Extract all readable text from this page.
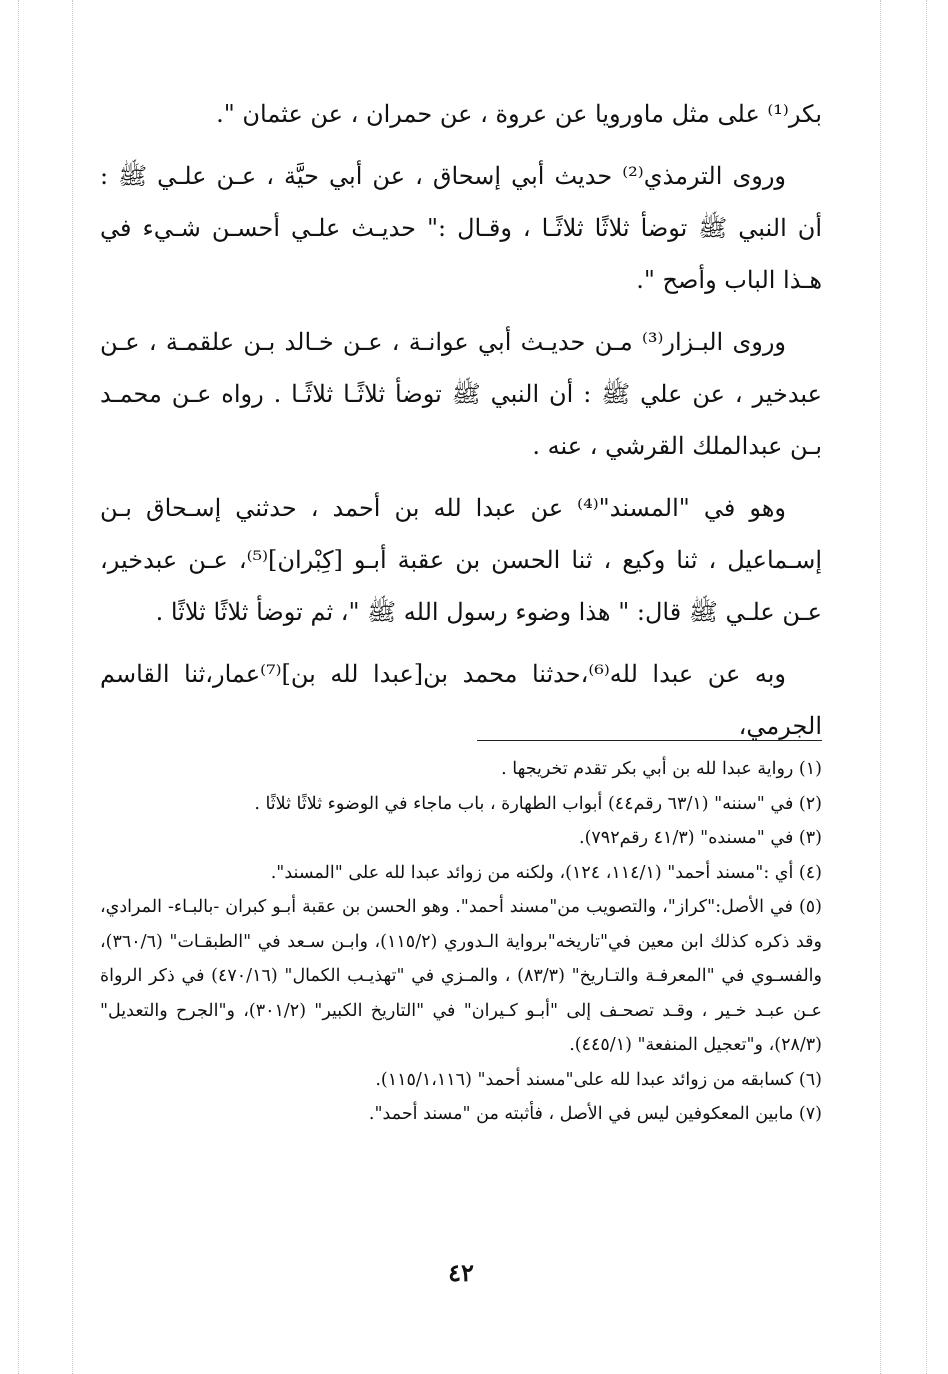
بكر⁽¹⁾ على مثل ماورويا عن عروة ، عن حمران ، عن عثمان ".

وروى الترمذي⁽²⁾ حديث أبي إسحاق ، عن أبي حيَّة ، عـن علـي ﷺ : أن النبي ﷺ توضأ ثلاثًا ثلاثًـا ، وقـال :" حديـث علـي أحسـن شـيء في هـذا الباب وأصح ".

وروى البـزار⁽³⁾ مـن حديـث أبي عوانـة ، عـن خـالد بـن علقمـة ، عـن عبدخير ، عن علي ﷺ : أن النبي ﷺ توضأ ثلاثًـا ثلاثًـا . رواه عـن محمـد بـن عبدالملك القرشي ، عنه .

وهو في "المسند"⁽⁴⁾ عن عبدا لله بن أحمد ، حدثني إسـحاق بـن إسـماعيل ، ثنا وكيع ، ثنا الحسن بن عقبة أبـو [كِبْران]⁽⁵⁾، عـن عبدخير، عـن علـي ﷺ قال: " هذا وضوء رسول الله ﷺ "، ثم توضأ ثلاثًا ثلاثًا .

وبه عن عبدا لله⁽⁶⁾،حدثنا محمد بن[عبدا لله بن]⁽⁷⁾عمار،ثنا القاسم الجرمي،

(١) رواية عبدا لله بن أبي بكر تقدم تخريجها .

(٢) في "سننه" (٦٣/١ رقم٤٤) أبواب الطهارة ، باب ماجاء في الوضوء ثلاثًا ثلاثًا .

(٣) في "مسنده" (٤١/٣ رقم٧٩٢).

(٤) أي :"مسند أحمد" (١١٤/١، ١٢٤)، ولكنه من زوائد عبدا لله على "المسند".

(٥) في الأصل:"كراز"، والتصويب من"مسند أحمد". وهو الحسن بن عقبة أبـو كبران -بالبـاء- المرادي، وقد ذكره كذلك ابن معين في"تاريخه"برواية الـدوري (١١٥/٢)، وابـن سـعد في "الطبقـات" (٣٦٠/٦)، والفسـوي في "المعرفـة والتـاريخ" (٨٣/٣) ، والمـزي في "تهذيـب الكمال" (٤٧٠/١٦) في ذكر الرواة عـن عبـد خـير ، وقـد تصحـف إلى "أبـو كـيران" في "التاريخ الكبير" (٣٠١/٢)، و"الجرح والتعديل" (٢٨/٣)، و"تعجيل المنفعة" (٤٤٥/١).

(٦) كسابقه من زوائد عبدا لله على"مسند أحمد" (١١٥/١،١١٦).

(٧) مابين المعكوفين ليس في الأصل ، فأثبته من "مسند أحمد".

٤٢
